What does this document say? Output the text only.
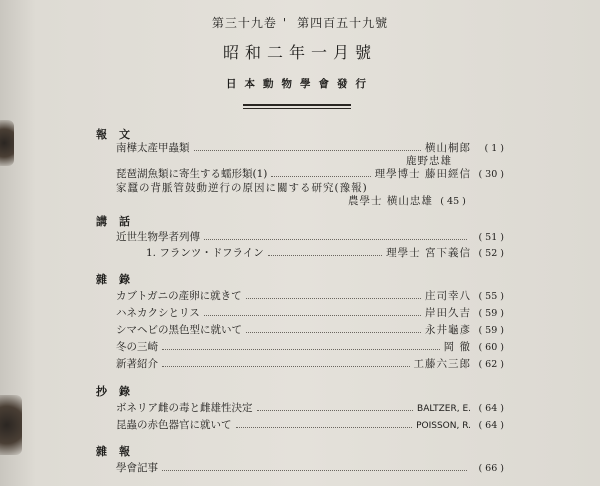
第三十九卷 ' 第四百五十九號
昭和二年一月號
日本動物學會發行
報文
南樺太產甲蟲類	横山桐郎	( 1 )
鹿野忠雄
琵琶湖魚類に寄生する蠕形類(1)	理學博士 藤田經信 ( 30 )
家蠶の背脈管鼓動逆行の原因に關する研究(豫報)
農學士 横山忠雄 ( 45 )
講話
近世生物學者列傳	( 51 )
1. フランツ・ドフライン	理學士 宮下義信 ( 52 )
雜錄
カブトガニの產卵に就きて	庄司幸八 ( 55 )
ハネカクシとリス	岸田久吉 ( 59 )
シマヘビの黑色型に就いて	永井龜彥 ( 59 )
冬の三崎	岡 徹 ( 60 )
新著紹介	工藤六三郎 ( 62 )
抄錄
ボネリア雌の毒と雌雄性決定	BALTZER, E. ( 64 )
昆蟲の赤色器官に就いて	POISSON, R. ( 64 )
雜報
學會記事	( 66 )
